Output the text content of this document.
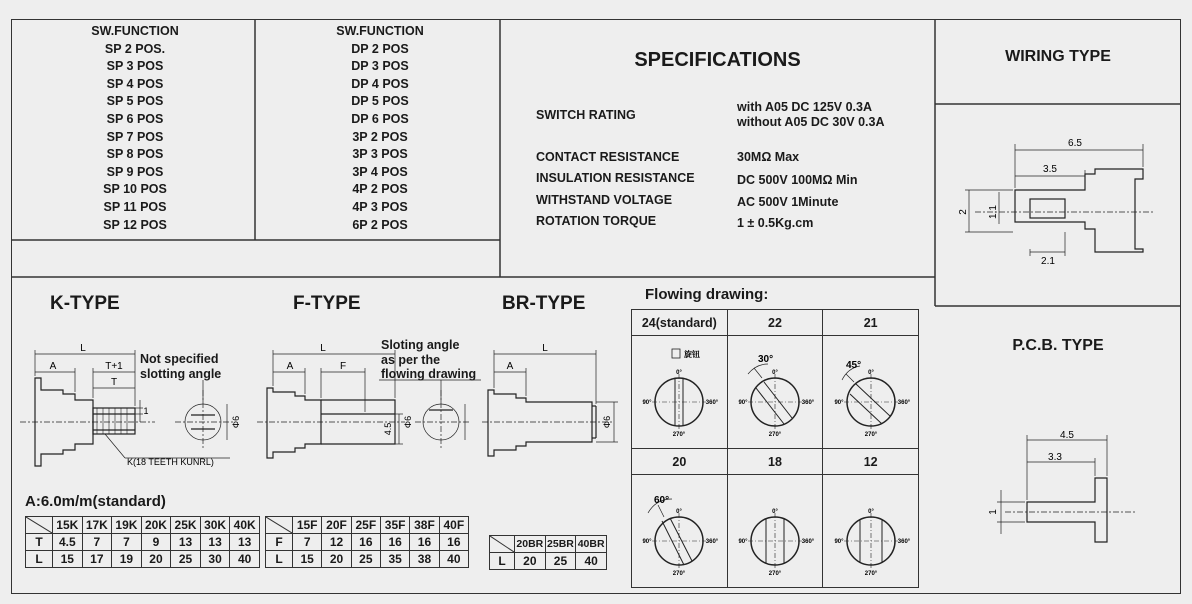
SW.FUNCTION
SP 2 POS.
SP 3 POS
SP 4 POS
SP 5 POS
SP 6 POS
SP 7 POS
SP 8 POS
SP 9 POS
SP 10 POS
SP 11 POS
SP 12 POS
SW.FUNCTION
DP 2 POS
DP 3 POS
DP 4 POS
DP 5 POS
DP 6 POS
3P 2 POS
3P 3 POS
3P 4 POS
4P 2 POS
4P 3 POS
6P 2 POS
SPECIFICATIONS
SWITCH RATING
with A05 DC 125V 0.3A
without A05 DC 30V 0.3A
CONTACT RESISTANCE	30MΩ Max
INSULATION RESISTANCE	DC 500V 100MΩ Min
WITHSTAND VOLTAGE	AC 500V 1Minute
ROTATION TORQUE	1 ± 0.5Kg.cm
WIRING TYPE
6.5
3.5
2.1
2 1.1
P.C.B. TYPE
4.5
3.3
1
K-TYPE
Not specified
slotting angle
L
A	T+1
T
1
Φ6
K(18 TEETH KUNRL)
F-TYPE
Sloting angle
as per the
flowing drawing
L
A	F
4.5
Φ6
BR-TYPE
L
A
Φ6
A:6.0m/m(standard)
	15K	17K	19K	20K	25K	30K	40K
T	4.5	7	7	9	13	13	13
L	15	17	19	20	25	30	40
	15F	20F	25F	35F	38F	40F
F	7	12	16	16	16	16
L	15	20	25	35	38	40
	20BR	25BR	40BR
L	20	25	40
Flowing drawing:
24(standard)	22	21

旋钮
0°
90° 360°
270°	30°
0°
90° 360°
270°	45°
0°
90° 360°
270°

20	18	12

60°
0°
90° 360°
270°	0°
90° 360°
270°	0°
90° 360°
270°
